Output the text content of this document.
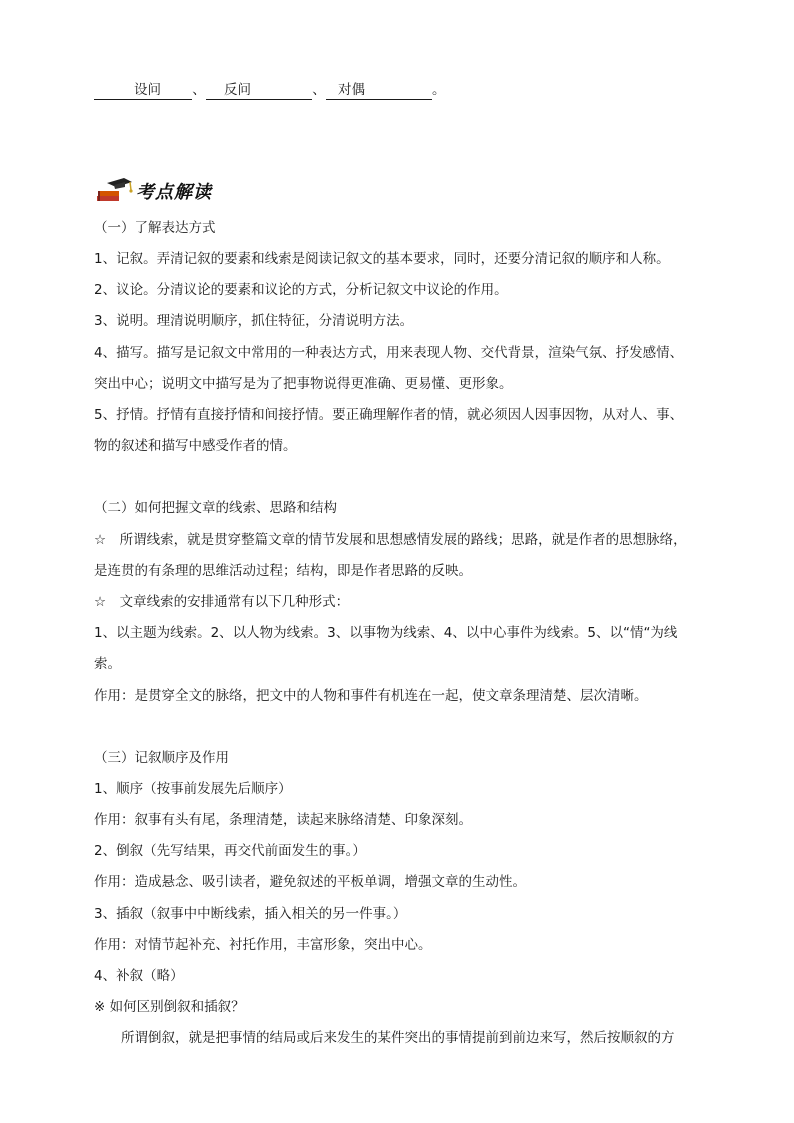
设问 、 反问	、 对偶	。
考点解读
（一）了解表达方式
1、记叙。弄清记叙的要素和线索是阅读记叙文的基本要求，同时，还要分清记叙的顺序和人称。
2、议论。分清议论的要素和议论的方式，分析记叙文中议论的作用。
3、说明。理清说明顺序，抓住特征，分清说明方法。
4、描写。描写是记叙文中常用的一种表达方式，用来表现人物、交代背景，渲染气氛、抒发感情、
突出中心；说明文中描写是为了把事物说得更准确、更易懂、更形象。
5、抒情。抒情有直接抒情和间接抒情。要正确理解作者的情，就必须因人因事因物，从对人、事、
物的叙述和描写中感受作者的情。
（二）如何把握文章的线索、思路和结构
☆　所谓线索，就是贯穿整篇文章的情节发展和思想感情发展的路线；思路，就是作者的思想脉络，
是连贯的有条理的思维活动过程；结构，即是作者思路的反映。
☆　文章线索的安排通常有以下几种形式：
1、以主题为线索。2、以人物为线索。3、以事物为线索、4、以中心事件为线索。5、以“情“为线
索。
作用：是贯穿全文的脉络，把文中的人物和事件有机连在一起，使文章条理清楚、层次清晰。
（三）记叙顺序及作用
1、顺序（按事前发展先后顺序）
作用：叙事有头有尾，条理清楚，读起来脉络清楚、印象深刻。
2、倒叙（先写结果，再交代前面发生的事。）
作用：造成悬念、吸引读者，避免叙述的平板单调，增强文章的生动性。
3、插叙（叙事中中断线索，插入相关的另一件事。）
作用：对情节起补充、衬托作用，丰富形象，突出中心。
4、补叙（略）
※ 如何区别倒叙和插叙？
所谓倒叙，就是把事情的结局或后来发生的某件突出的事情提前到前边来写，然后按顺叙的方
